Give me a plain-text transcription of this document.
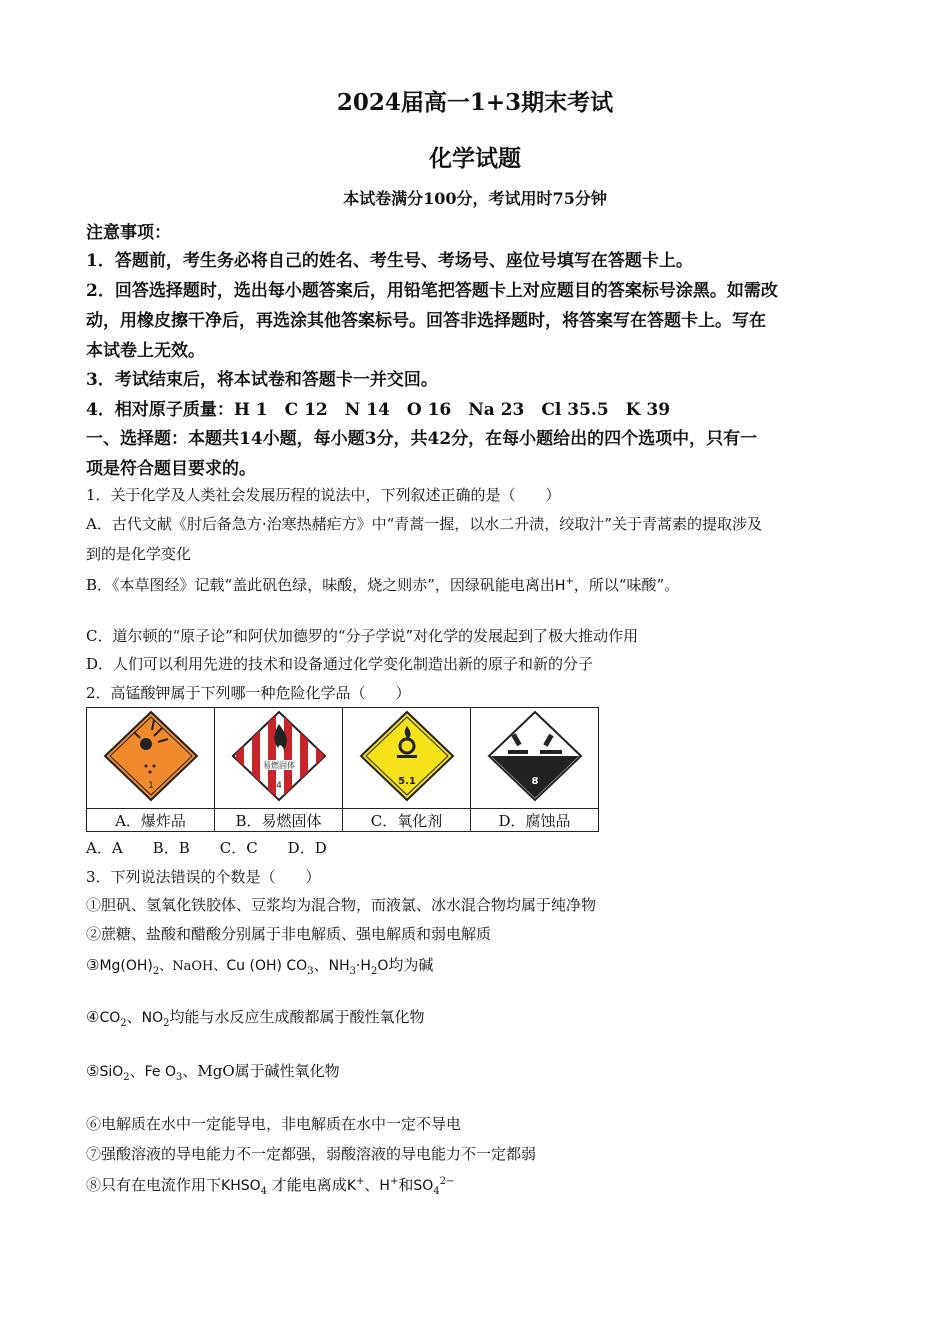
2024届高一1+3期末考试
化学试题
本试卷满分100分，考试用时75分钟
注意事项：
1．答题前，考生务必将自己的姓名、考生号、考场号、座位号填写在答题卡上。
2．回答选择题时，选出每小题答案后，用铅笔把答题卡上对应题目的答案标号涂黑。如需改
动，用橡皮擦干净后，再选涂其他答案标号。回答非选择题时，将答案写在答题卡上。写在
本试卷上无效。
3．考试结束后，将本试卷和答题卡一并交回。
4．相对原子质量：H 1　C 12　N 14　O 16　Na 23　Cl 35.5　K 39
一、选择题：本题共14小题，每小题3分，共42分，在每小题给出的四个选项中，只有一
项是符合题目要求的。
1．关于化学及人类社会发展历程的说法中，下列叙述正确的是（　　）
A．古代文献《肘后备急方·治寒热赭疟方》中“青蒿一握，以水二升渍，绞取汁”关于青蒿素的提取涉及
到的是化学变化
B．《本草图经》记载“盖此矾色绿，味酸，烧之则赤”，因绿矾能电离出H+，所以“味酸”。
C．道尔顿的“原子论”和阿伏加德罗的“分子学说”对化学的发展起到了极大推动作用
D．人们可以利用先进的技术和设备通过化学变化制造出新的原子和新的分子
2．高锰酸钾属于下列哪一种危险化学品（　　）
1	易燃固体
4	5.1	8

A．爆炸品	B．易燃固体	C．氧化剂	D．腐蚀品
A．A　　B．B　　C．C　　D．D
3．下列说法错误的个数是（　　）
①胆矾、氢氧化铁胶体、豆浆均为混合物，而液氯、冰水混合物均属于纯净物
②蔗糖、盐酸和醋酸分别属于非电解质、强电解质和弱电解质
$③Mg(OH)_2$、NaOH、Cu (OH) $CO_3$、$NH_3\cdot H_2O$均为碱
$④CO_2$、$NO_2$均能与水反应生成酸都属于酸性氧化物
⑤SiO$_2$、Fe $O_3$、MgO属于碱性氧化物
⑥电解质在水中一定能导电，非电解质在水中一定不导电
⑦强酸溶液的导电能力不一定都强，弱酸溶液的导电能力不一定都弱
⑧只有在电流作用下$KHSO_4$ 才能电离成K+、H+和$SO_4^{2-}$
